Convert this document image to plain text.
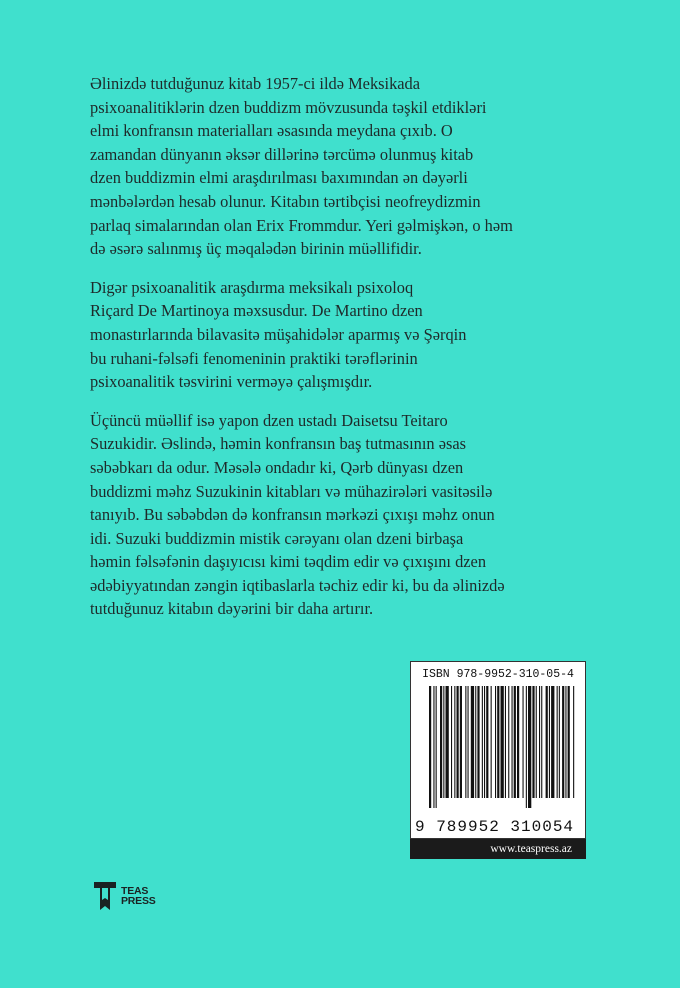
Əlinizdə tutduğunuz kitab 1957-ci ildə Meksikada
psixoanalitiklərin dzen buddizm mövzusunda təşkil etdikləri
elmi konfransın materialları əsasında meydana çıxıb. O
zamandan dünyanın əksər dillərinə tərcümə olunmuş kitab
dzen buddizmin elmi araşdırılması baxımından ən dəyərli
mənbələrdən hesab olunur. Kitabın tərtibçisi neofreydizmin
parlaq simalarından olan Erix Frommdur. Yeri gəlmişkən, o həm
də əsərə salınmış üç məqalədən birinin müəllifidir.

Digər psixoanalitik araşdırma meksikalı psixoloq
Riçard De Martinoya məxsusdur. De Martino dzen
monastırlarında bilavasitə müşahidələr aparmış və Şərqin
bu ruhani-fəlsəfi fenomeninin praktiki tərəflərinin
psixoanalitik təsvirini verməyə çalışmışdır.

Üçüncü müəllif isə yapon dzen ustadı Daisetsu Teitaro
Suzukidir. Əslində, həmin konfransın baş tutmasının əsas
səbəbkarı da odur. Məsələ ondadır ki, Qərb dünyası dzen
buddizmi məhz Suzukinin kitabları və mühazirələri vasitəsilə
tanıyıb. Bu səbəbdən də konfransın mərkəzi çıxışı məhz onun
idi. Suzuki buddizmin mistik cərəyanı olan dzeni birbaşa
həmin fəlsəfənin daşıyıcısı kimi təqdim edir və çıxışını dzen
ədəbiyyatından zəngin iqtibaslarla təchiz edir ki, bu da əlinizdə
tutduğunuz kitabın dəyərini bir daha artırır.

TEAS
PRESS
ISBN 978-9952-310-05-4
9 789952 310054
www.teaspress.az
